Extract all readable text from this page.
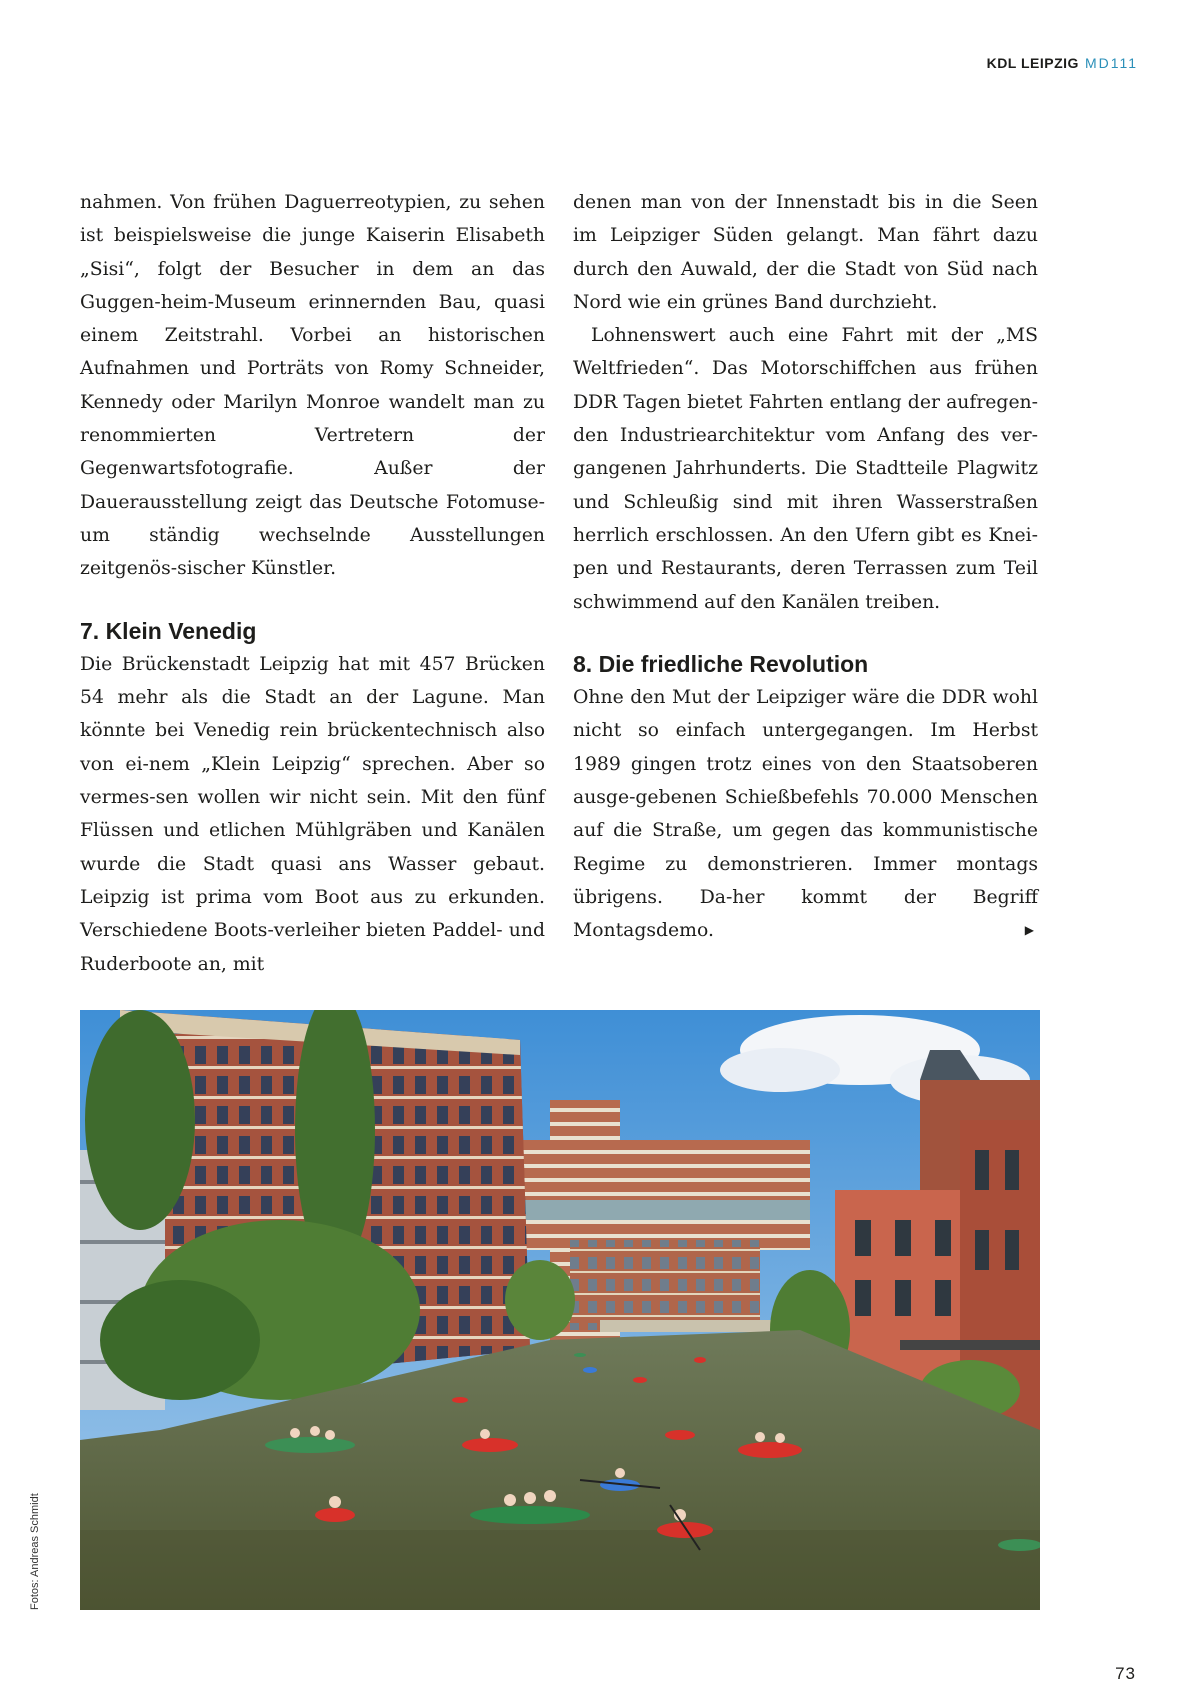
KDL LEIPZIG MD111

nahmen. Von frühen Daguerreotypien, zu sehen ist beispielsweise die junge Kaiserin Elisabeth „Sisi“, folgt der Besucher in dem an das Guggen-heim-Museum erinnernden Bau, quasi einem Zeitstrahl. Vorbei an historischen Aufnahmen und Porträts von Romy Schneider, Kennedy oder Marilyn Monroe wandelt man zu renommierten Vertretern der Gegenwartsfotografie. Außer der Dauerausstellung zeigt das Deutsche Fotomuse-um ständig wechselnde Ausstellungen zeitgenös-sischer Künstler.

7. Klein Venedig

Die Brückenstadt Leipzig hat mit 457 Brücken 54 mehr als die Stadt an der Lagune. Man könnte bei Venedig rein brückentechnisch also von ei-nem „Klein Leipzig“ sprechen. Aber so vermes-sen wollen wir nicht sein. Mit den fünf Flüssen und etlichen Mühlgräben und Kanälen wurde die Stadt quasi ans Wasser gebaut. Leipzig ist prima vom Boot aus zu erkunden. Verschiedene Boots-verleiher bieten Paddel- und Ruderboote an, mit

denen man von der Innenstadt bis in die Seen im Leipziger Süden gelangt. Man fährt dazu durch den Auwald, der die Stadt von Süd nach Nord wie ein grünes Band durchzieht.

Lohnenswert auch eine Fahrt mit der „MS Weltfrieden“. Das Motorschiffchen aus frühen DDR Tagen bietet Fahrten entlang der aufregen-den Industriearchitektur vom Anfang des ver-gangenen Jahrhunderts. Die Stadtteile Plagwitz und Schleußig sind mit ihren Wasserstraßen herrlich erschlossen. An den Ufern gibt es Knei-pen und Restaurants, deren Terrassen zum Teil schwimmend auf den Kanälen treiben.

8. Die friedliche Revolution

Ohne den Mut der Leipziger wäre die DDR wohl nicht so einfach untergegangen. Im Herbst 1989 gingen trotz eines von den Staatsoberen ausge-gebenen Schießbefehls 70.000 Menschen auf die Straße, um gegen das kommunistische Regime zu demonstrieren. Immer montags übrigens. Da-her kommt der Begriff Montagsdemo.	▶

Fotos: Andreas Schmidt
73
